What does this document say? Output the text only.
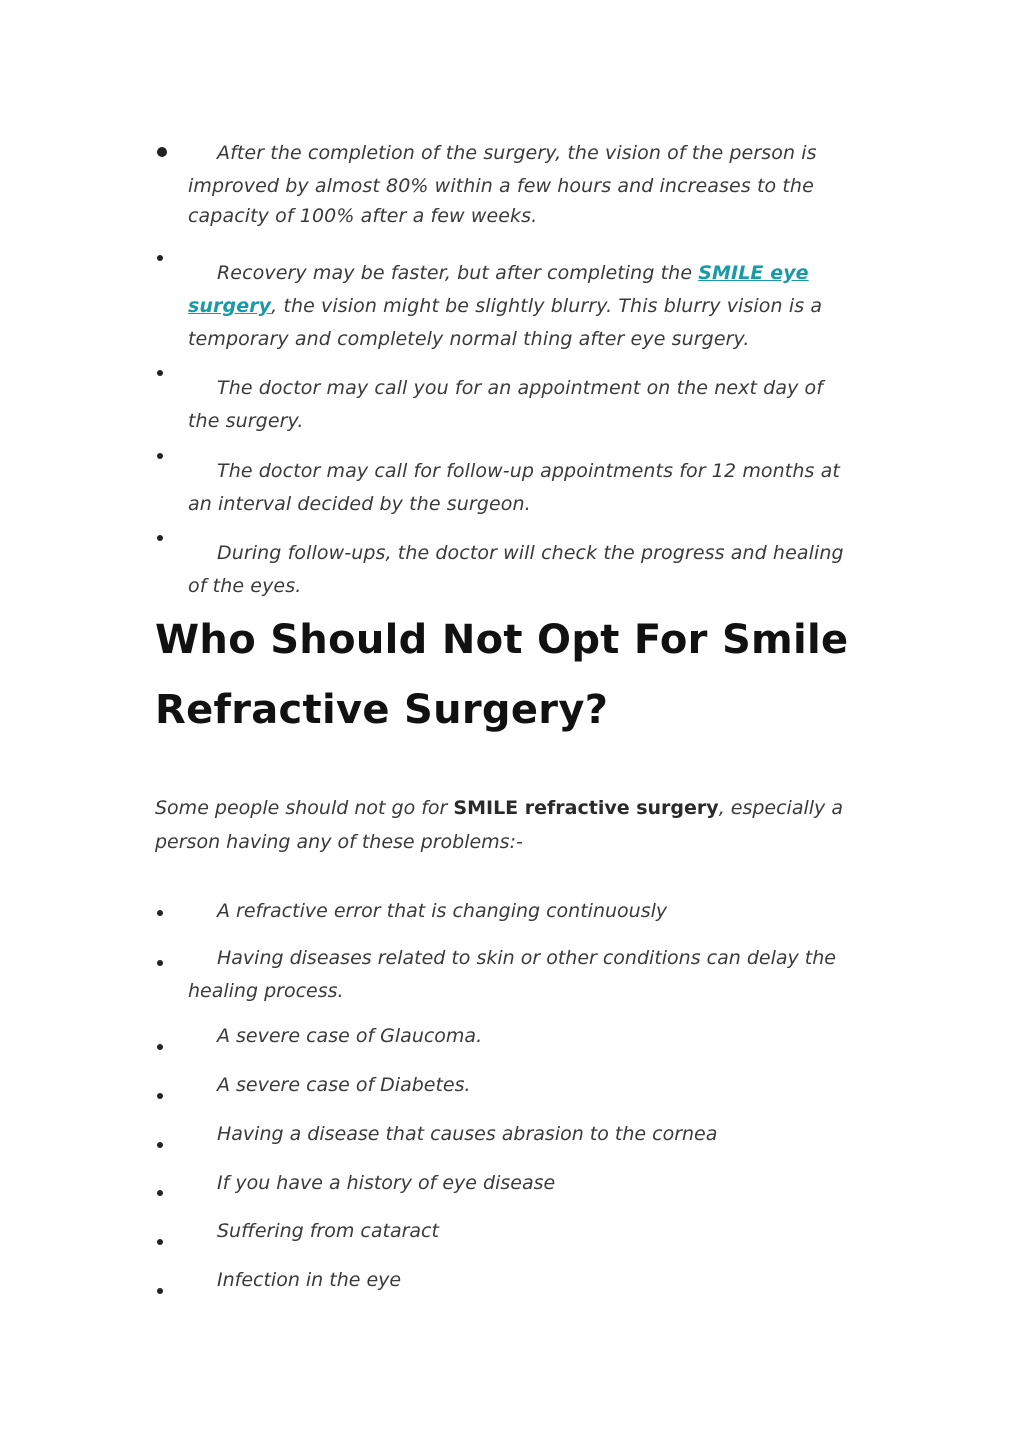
After the completion of the surgery, the vision of the person is
improved by almost 80% within a few hours and increases to the
capacity of 100% after a few weeks.
Recovery may be faster, but after completing the SMILE eye
surgery, the vision might be slightly blurry. This blurry vision is a
temporary and completely normal thing after eye surgery.
The doctor may call you for an appointment on the next day of
the surgery.
The doctor may call for follow-up appointments for 12 months at
an interval decided by the surgeon.
During follow-ups, the doctor will check the progress and healing
of the eyes.
Who Should Not Opt For Smile
Refractive Surgery?
Some people should not go for SMILE refractive surgery, especially a
person having any of these problems:-
A refractive error that is changing continuously
Having diseases related to skin or other conditions can delay the
healing process.
A severe case of Glaucoma.
A severe case of Diabetes.
Having a disease that causes abrasion to the cornea
If you have a history of eye disease
Suffering from cataract
Infection in the eye
